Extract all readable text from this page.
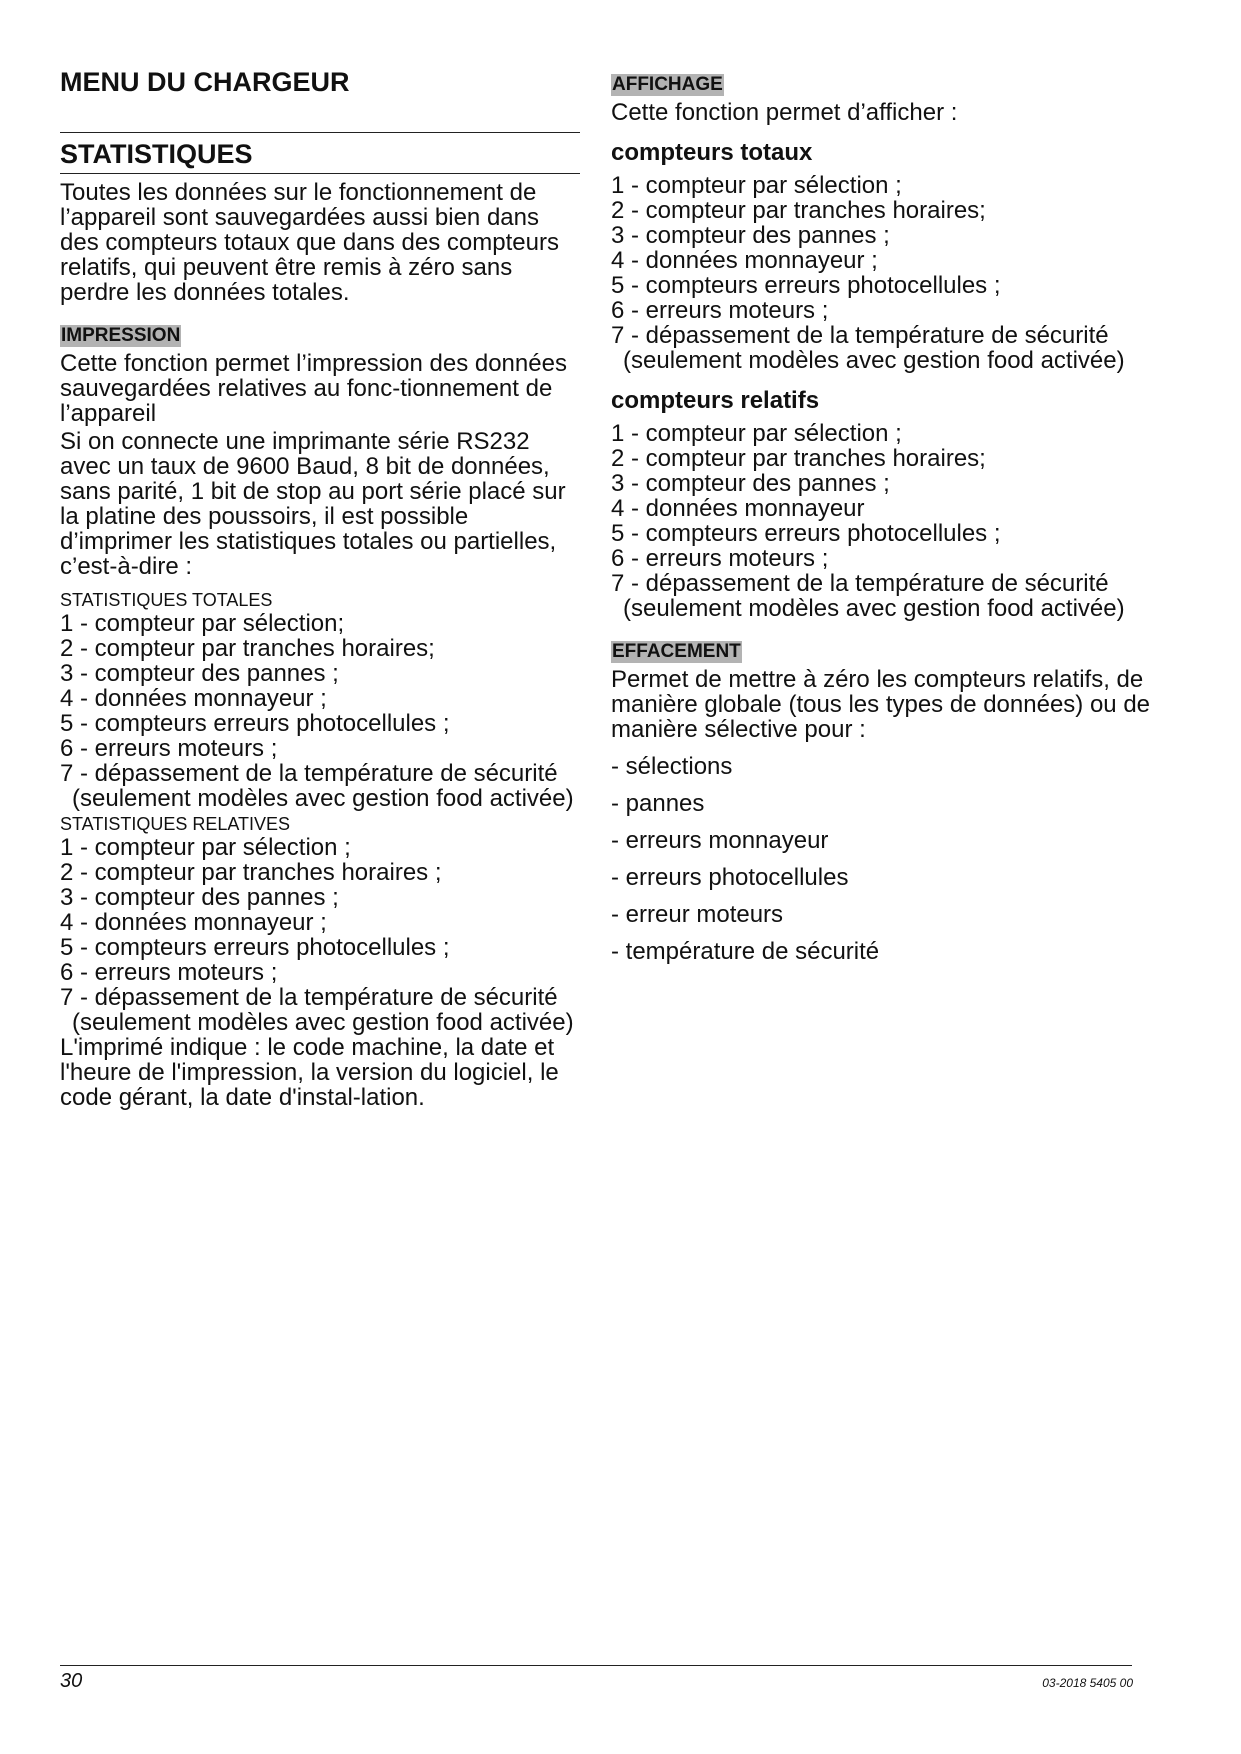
MENU DU CHARGEUR
STATISTIQUES

Toutes les données sur le fonctionnement de l’appareil sont sauvegardées aussi bien dans des compteurs totaux que dans des compteurs relatifs, qui peuvent être remis à zéro sans perdre les données totales.

IMPRESSION

Cette fonction permet l’impression des données sauvegardées relatives au fonc-tionnement de l’appareil

Si on connecte une imprimante série RS232 avec un taux de 9600 Baud, 8 bit de données, sans parité, 1 bit de stop au port série placé sur la platine des poussoirs, il est possible d’imprimer les statistiques totales ou partielles, c’est-à-dire :

STATISTIQUES TOTALES
1 - compteur par sélection;
2 - compteur par tranches horaires;
3 - compteur des pannes ;
4 - données monnayeur ;
5 - compteurs erreurs photocellules ;
6 - erreurs moteurs ;
7 - dépassement de la température de sécurité (seulement modèles avec gestion food activée)
STATISTIQUES RELATIVES
1 - compteur par sélection ;
2 - compteur par tranches horaires ;
3 - compteur des pannes ;
4 - données monnayeur ;
5 - compteurs erreurs photocellules ;
6 - erreurs moteurs ;
7 - dépassement de la température de sécurité (seulement modèles avec gestion food activée)

L'imprimé indique : le code machine, la date et l'heure de l'impression, la version du logiciel, le code gérant, la date d'instal-lation.

AFFICHAGE

Cette fonction permet d’afficher :

compteurs totaux
1 - compteur par sélection ;
2 - compteur par tranches horaires;
3 - compteur des pannes ;
4 - données monnayeur ;
5 - compteurs erreurs photocellules ;
6 - erreurs moteurs ;
7 - dépassement de la température de sécurité (seulement modèles avec gestion food activée)
compteurs relatifs
1 - compteur par sélection ;
2 - compteur par tranches horaires;
3 - compteur des pannes ;
4 - données monnayeur
5 - compteurs erreurs photocellules ;
6 - erreurs moteurs ;
7 - dépassement de la température de sécurité (seulement modèles avec gestion food activée)
EFFACEMENT

Permet de mettre à zéro les compteurs relatifs, de manière globale (tous les types de données) ou de manière sélective pour :

- sélections
- pannes
- erreurs monnayeur
- erreurs photocellules
- erreur moteurs
- température de sécurité
30	03-2018 5405 00
